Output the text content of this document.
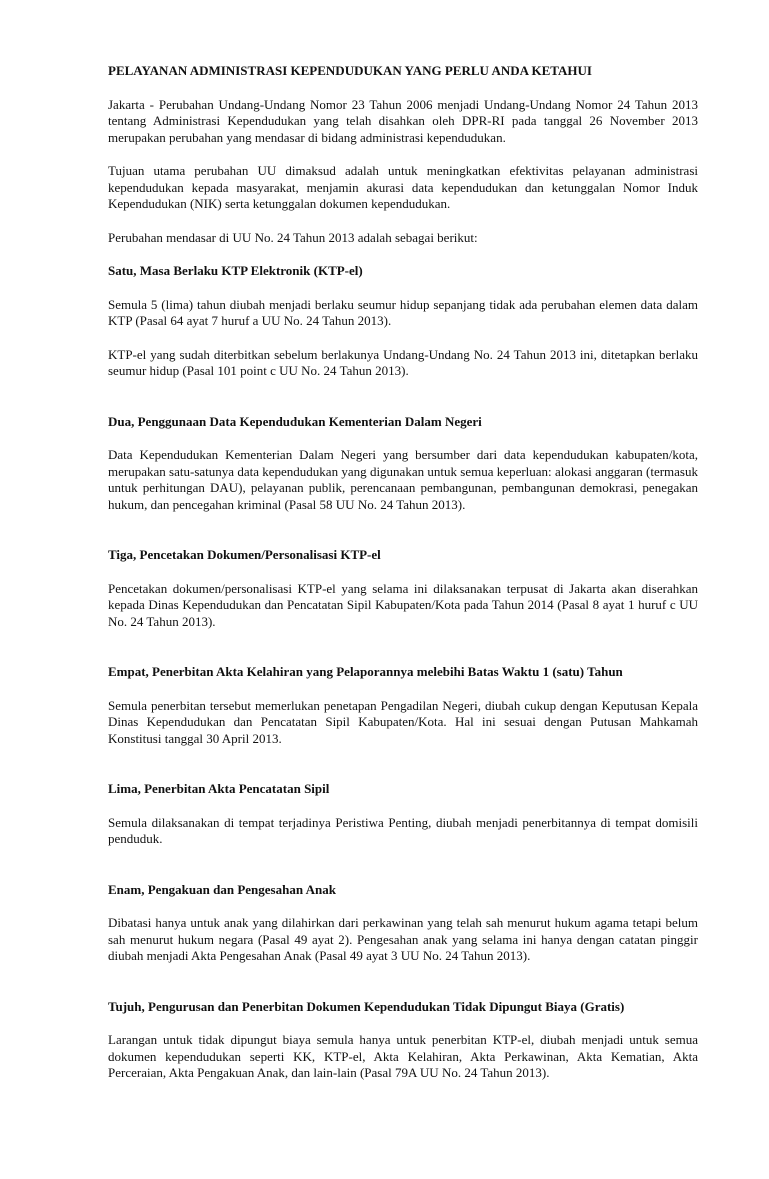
PELAYANAN ADMINISTRASI KEPENDUDUKAN YANG PERLU ANDA KETAHUI

Jakarta - Perubahan Undang-Undang Nomor 23 Tahun 2006 menjadi Undang-Undang Nomor 24 Tahun 2013 tentang Administrasi Kependudukan yang telah disahkan oleh DPR-RI pada tanggal 26 November 2013 merupakan perubahan yang mendasar di bidang administrasi kependudukan.

Tujuan utama perubahan UU dimaksud adalah untuk meningkatkan efektivitas pelayanan administrasi kependudukan kepada masyarakat, menjamin akurasi data kependudukan dan ketunggalan Nomor Induk Kependudukan (NIK) serta ketunggalan dokumen kependudukan.

Perubahan mendasar di UU No. 24 Tahun 2013 adalah sebagai berikut:

Satu, Masa Berlaku KTP Elektronik (KTP-el)

Semula 5 (lima) tahun diubah menjadi berlaku seumur hidup sepanjang tidak ada perubahan elemen data dalam KTP (Pasal 64 ayat 7 huruf a UU No. 24 Tahun 2013).

KTP-el yang sudah diterbitkan sebelum berlakunya Undang-Undang No. 24 Tahun 2013 ini, ditetapkan berlaku seumur hidup (Pasal 101 point c UU No. 24 Tahun 2013).

Dua, Penggunaan Data Kependudukan Kementerian Dalam Negeri

Data Kependudukan Kementerian Dalam Negeri yang bersumber dari data kependudukan kabupaten/kota, merupakan satu-satunya data kependudukan yang digunakan untuk semua keperluan: alokasi anggaran (termasuk untuk perhitungan DAU), pelayanan publik, perencanaan pembangunan, pembangunan demokrasi, penegakan hukum, dan pencegahan kriminal (Pasal 58 UU No. 24 Tahun 2013).

Tiga, Pencetakan Dokumen/Personalisasi KTP-el

Pencetakan dokumen/personalisasi KTP-el yang selama ini dilaksanakan terpusat di Jakarta akan diserahkan kepada Dinas Kependudukan dan Pencatatan Sipil Kabupaten/Kota pada Tahun 2014 (Pasal 8 ayat 1 huruf c UU No. 24 Tahun 2013).

Empat, Penerbitan Akta Kelahiran yang Pelaporannya melebihi Batas Waktu 1 (satu) Tahun

Semula penerbitan tersebut memerlukan penetapan Pengadilan Negeri, diubah cukup dengan Keputusan Kepala Dinas Kependudukan dan Pencatatan Sipil Kabupaten/Kota. Hal ini sesuai dengan Putusan Mahkamah Konstitusi tanggal 30 April 2013.

Lima, Penerbitan Akta Pencatatan Sipil

Semula dilaksanakan di tempat terjadinya Peristiwa Penting, diubah menjadi penerbitannya di tempat domisili penduduk.

Enam, Pengakuan dan Pengesahan Anak

Dibatasi hanya untuk anak yang dilahirkan dari perkawinan yang telah sah menurut hukum agama tetapi belum sah menurut hukum negara (Pasal 49 ayat 2). Pengesahan anak yang selama ini hanya dengan catatan pinggir diubah menjadi Akta Pengesahan Anak (Pasal 49 ayat 3 UU No. 24 Tahun 2013).

Tujuh, Pengurusan dan Penerbitan Dokumen Kependudukan Tidak Dipungut Biaya (Gratis)

Larangan untuk tidak dipungut biaya semula hanya untuk penerbitan KTP-el, diubah menjadi untuk semua dokumen kependudukan seperti KK, KTP-el, Akta Kelahiran, Akta Perkawinan, Akta Kematian, Akta Perceraian, Akta Pengakuan Anak, dan lain-lain (Pasal 79A UU No. 24 Tahun 2013).
